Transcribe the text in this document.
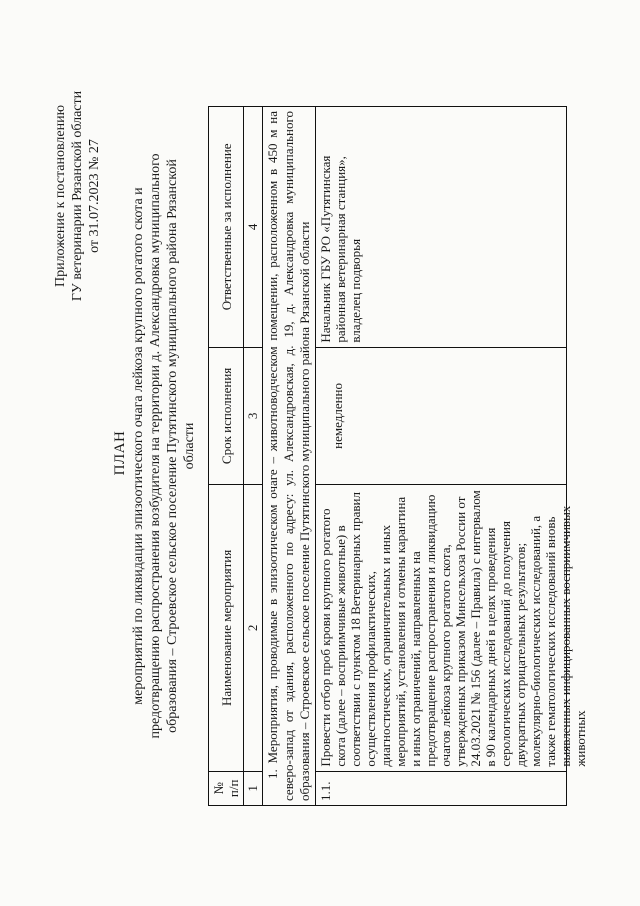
Приложение к постановлению ГУ ветеринарии Рязанской области от 31.07.2023 № 27
ПЛАН мероприятий по ликвидации эпизоотического очага лейкоза крупного рогатого скота и предотвращению распространения возбудителя на территории д. Александровка муниципального образования – Строевское сельское поселение Путятинского муниципального района Рязанской области
№ п/п	Наименование мероприятия	Срок исполнения	Ответственные за исполнение
1	2	3	4
1. Мероприятия, проводимые в эпизоотическом очаге – животноводческом помещении, расположенном в 450 м на северо-запад от здания, расположенного по адресу: ул. Александровская, д. 19, д. Александровка муниципального образования – Строевское сельское поселение Путятинского муниципального района Рязанской области			
1.1.	Провести отбор проб крови крупного рогатого скота (далее – восприимчивые животные) в соответствии с пунктом 18 Ветеринарных правил осуществления профилактических, диагностических, ограничительных и иных мероприятий, установления и отмены карантина и иных ограничений, направленных на предотвращение распространения и ликвидацию очагов лейкоза крупного рогатого скота, утвержденных приказом Минсельхоза России от 24.03.2021 № 156 (далее – Правила) с интервалом в 90 календарных дней в целях проведения серологических исследований до получения двукратных отрицательных результатов; молекулярно-биологических исследований, а также гематологических исследований вновь выявленных инфицированных восприимчивых животных	немедленно	Начальник ГБУ РО «Путятинская районная ветеринарная станция», владелец подворья
